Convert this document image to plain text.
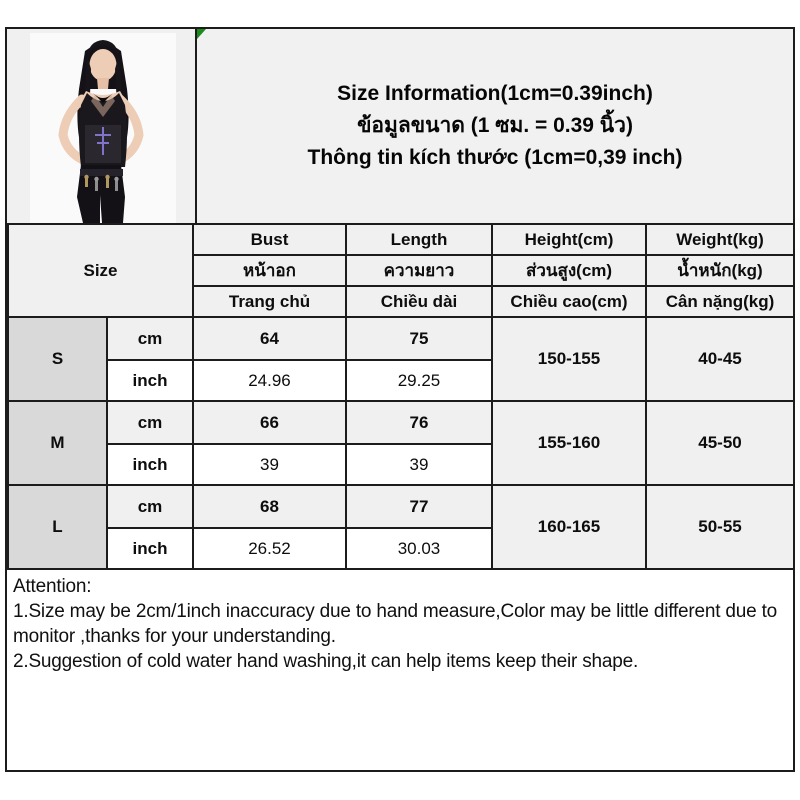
Size Information(1cm=0.39inch)
ข้อมูลขนาด (1 ซม. = 0.39 นิ้ว)
Thông tin kích thước (1cm=0,39 inch)
Size		Bust	Length	Height(cm)	Weight(kg)
		หน้าอก	ความยาว	ส่วนสูง(cm)	น้ำหนัก(kg)
		Trang chủ	Chiều dài	Chiều cao(cm)	Cân nặng(kg)
S	cm	64	75	150-155	40-45
	inch	24.96	29.25		
M	cm	66	76	155-160	45-50
	inch	39	39		
L	cm	68	77	160-165	50-55
	inch	26.52	30.03		

Attention:

1.Size may be 2cm/1inch inaccuracy due to hand measure,Color may be little different due to monitor ,thanks for your understanding.

2.Suggestion of cold water hand washing,it can help items keep their shape.
